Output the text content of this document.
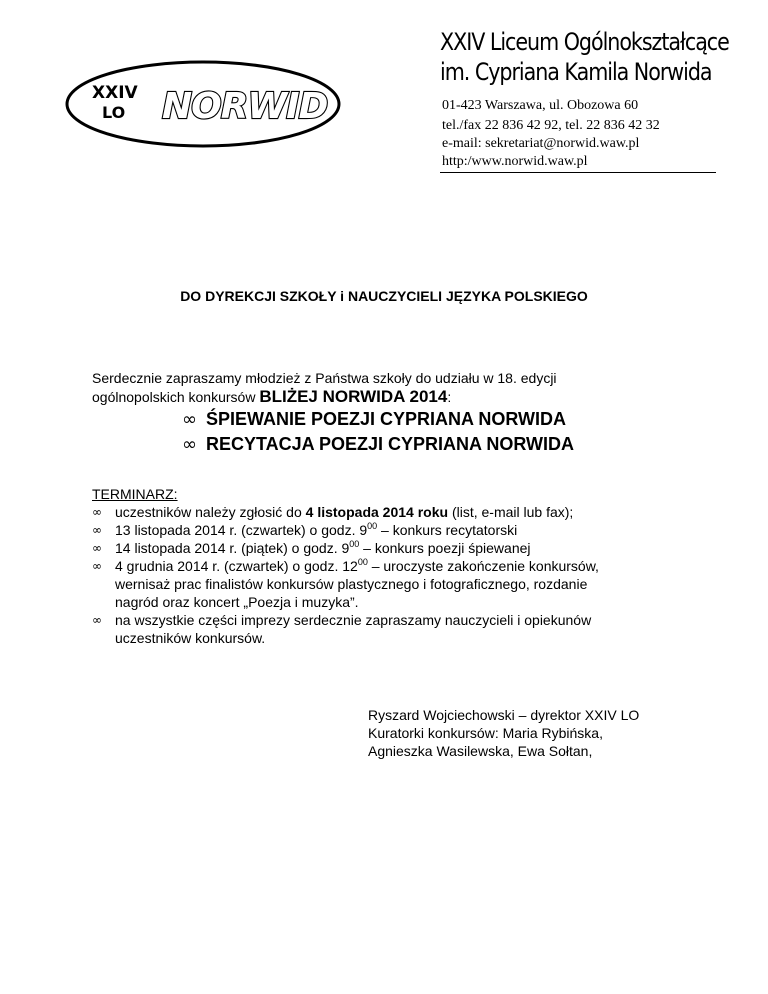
XXIV
LO NORWID
XXIV Liceum Ogólnokształcące
im. Cypriana Kamila Norwida
01-423 Warszawa, ul. Obozowa 60
tel./fax 22 836 42 92, tel. 22 836 42 32
e-mail: sekretariat@norwid.waw.pl
http:/www.norwid.waw.pl
DO DYREKCJI SZKOŁY i NAUCZYCIELI JĘZYKA POLSKIEGO
Serdecznie zapraszamy młodzież z Państwa szkoły do udziału w 18. edycji
ogólnopolskich konkursów BLIŻEJ NORWIDA 2014:
∞ ŚPIEWANIE POEZJI CYPRIANA NORWIDA
∞ RECYTACJA POEZJI CYPRIANA NORWIDA
TERMINARZ:
∞ uczestników należy zgłosić do 4 listopada 2014 roku (list, e-mail lub fax);
∞ 13 listopada 2014 r. (czwartek) o godz. $9^{00}$ – konkurs recytatorski
∞ 14 listopada 2014 r. (piątek) o godz. $9^{00}$ – konkurs poezji śpiewanej
∞ 4 grudnia 2014 r. (czwartek) o godz. $12^{00}$ – uroczyste zakończenie konkursów,
wernisaż prac finalistów konkursów plastycznego i fotograficznego, rozdanie
nagród oraz koncert „Poezja i muzyka”.
∞ na wszystkie części imprezy serdecznie zapraszamy nauczycieli i opiekunów
uczestników konkursów.
Ryszard Wojciechowski – dyrektor XXIV LO
Kuratorki konkursów: Maria Rybińska,
Agnieszka Wasilewska, Ewa Sołtan,
